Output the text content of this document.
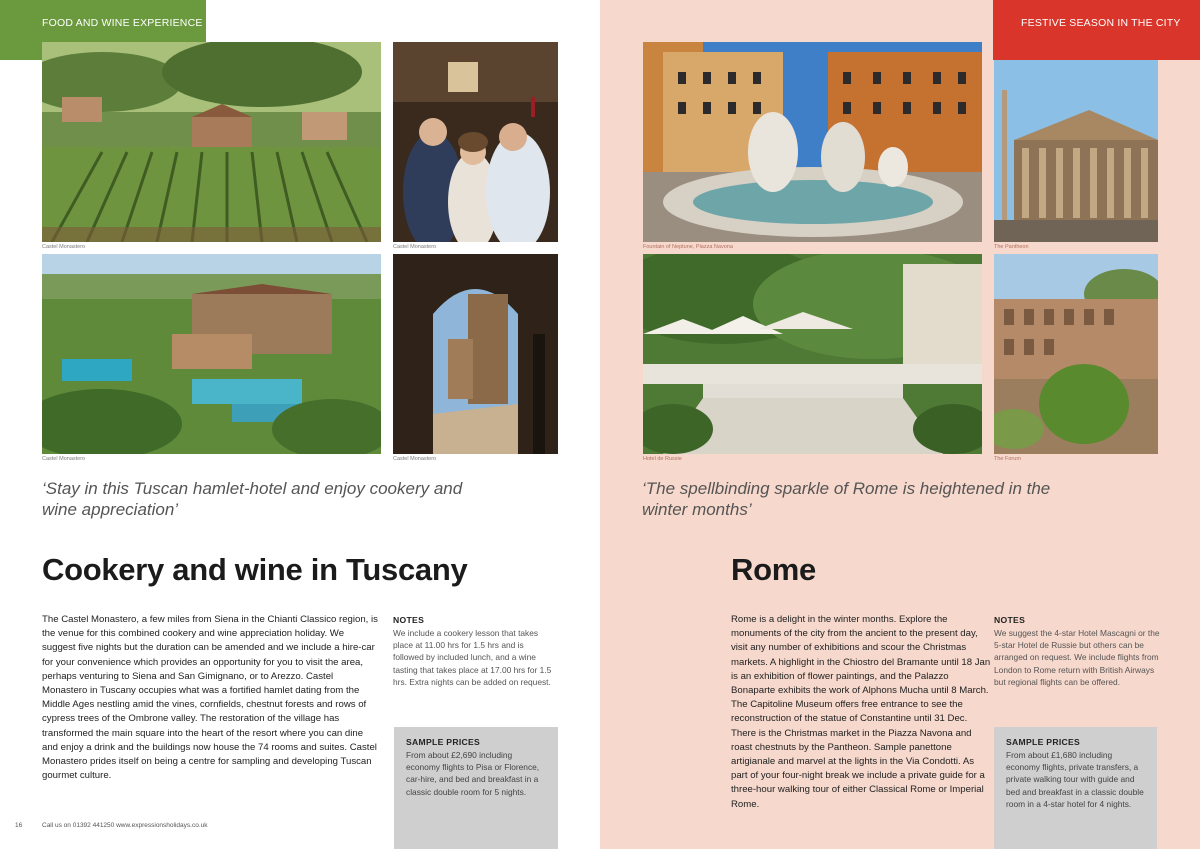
FOOD AND WINE EXPERIENCE
Castel Monastero	Castel Monastero
Castel Monastero	Castel Monastero
‘Stay in this Tuscan hamlet-hotel and enjoy cookery and wine appreciation’
Cookery and wine in Tuscany
The Castel Monastero, a few miles from Siena in the Chianti Classico region, is the venue for this combined cookery and wine appreciation holiday. We suggest five nights but the duration can be amended and we include a hire-car for your convenience which provides an opportunity for you to visit the area, perhaps venturing to Siena and San Gimignano, or to Arezzo. Castel Monastero in Tuscany occupies what was a fortified hamlet dating from the Middle Ages nestling amid the vines, cornfields, chestnut forests and rows of cypress trees of the Ombrone valley. The restoration of the village has transformed the main square into the heart of the resort where you can dine and enjoy a drink and the buildings now house the 74 rooms and suites. Castel Monastero prides itself on being a centre for sampling and developing Tuscan gourmet culture.
NOTES
We include a cookery lesson that takes place at 11.00 hrs for 1.5 hrs and is followed by included lunch, and a wine tasting that takes place at 17.00 hrs for 1.5 hrs. Extra nights can be added on request.
SAMPLE PRICES
From about £2,690 including economy flights to Pisa or Florence, car-hire, and bed and breakfast in a classic double room for 5 nights.
16	Call us on 01392 441250 www.expressionsholidays.co.uk
FESTIVE SEASON IN THE CITY
Fountain of Neptune, Piazza Navona	The Pantheon
Hotel de Russie	The Forum
‘The spellbinding sparkle of Rome is heightened in the winter months’
Rome
Rome is a delight in the winter months. Explore the monuments of the city from the ancient to the present day, visit any number of exhibitions and scour the Christmas markets. A highlight in the Chiostro del Bramante until 18 Jan is an exhibition of flower paintings, and the Palazzo Bonaparte exhibits the work of Alphons Mucha until 8 March. The Capitoline Museum offers free entrance to see the reconstruction of the statue of Constantine until 31 Dec. There is the Christmas market in the Piazza Navona and roast chestnuts by the Pantheon. Sample panettone artigianale and marvel at the lights in the Via Condotti. As part of your four-night break we include a private guide for a three-hour walking tour of either Classical Rome or Imperial Rome.
NOTES
We suggest the 4-star Hotel Mascagni or the 5-star Hotel de Russie but others can be arranged on request. We include flights from London to Rome return with British Airways but regional flights can be offered.
SAMPLE PRICES
From about £1,680 including economy flights, private transfers, a private walking tour with guide and bed and breakfast in a classic double room in a 4-star hotel for 4 nights.
